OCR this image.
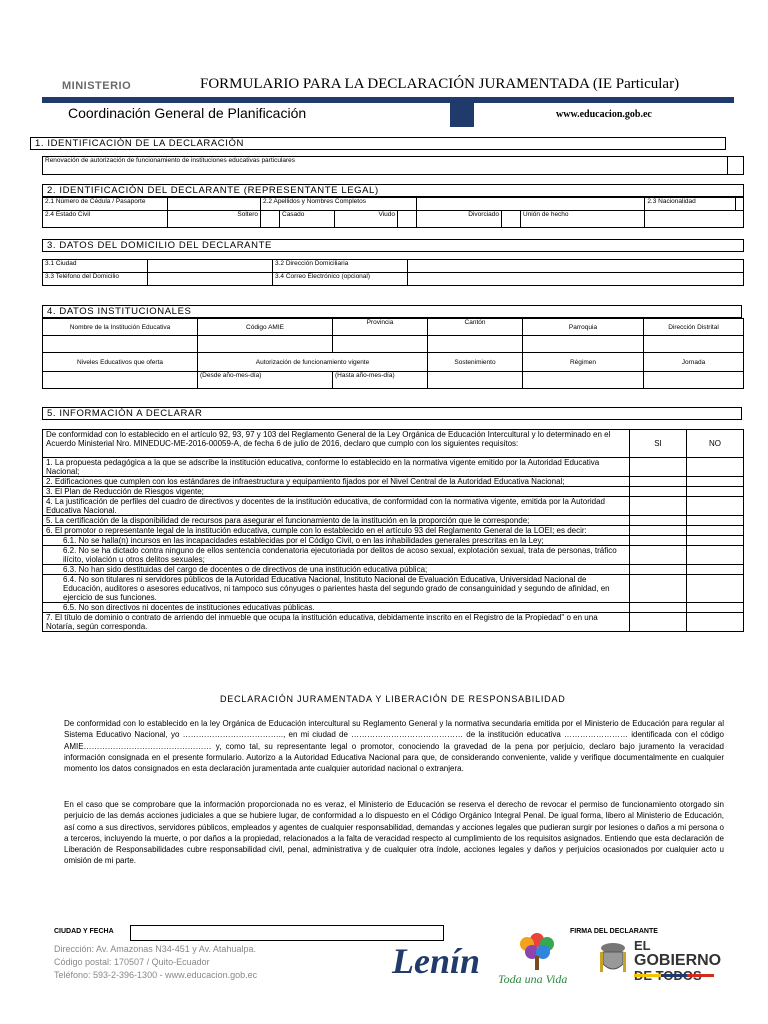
MINISTERIO	FORMULARIO PARA LA DECLARACIÓN JURAMENTADA (IE Particular)
Coordinación General de Planificación	www.educacion.gob.ec
1. IDENTIFICACIÓN DE LA DECLARACIÓN
Renovación de autorización de funcionamiento de instituciones educativas particulares	
2. IDENTIFICACIÓN DEL DECLARANTE (REPRESENTANTE LEGAL)
2.1 Número de Cédula / Pasaporte		2.2 Apellidos y Nombres Completos							2.3 Nacionalidad	
2.4 Estado Civil	Soltero		Casado	Viudo		Divorciado		Unión de hecho		
3. DATOS DEL DOMICILIO DEL DECLARANTE
3.1 Ciudad		3.2 Dirección Domiciliaria	
3.3 Teléfono del Domicilio		3.4 Correo Electrónico (opcional)	
4. DATOS INSTITUCIONALES
Nombre de la Institución Educativa	Código AMIE	Provincia	Cantón	Parroquia	Dirección Distrital

Niveles Educativos que oferta	Autorización de funcionamiento vigente		Sostenimiento	Régimen	Jornada
	(Desde año-mes-día)	(Hasta año-mes-día)			
5. INFORMACIÓN A DECLARAR
De conformidad con lo establecido en el artículo 92, 93, 97 y 103 del Reglamento General de la Ley Orgánica de Educación Intercultural y lo determinado en el Acuerdo Ministerial Nro. MINEDUC-ME-2016-00059-A, de fecha 6 de julio de 2016, declaro que cumplo con los siguientes requisitos:	SI	NO
1. La propuesta pedagógica a la que se adscribe la institución educativa, conforme lo establecido en la normativa vigente emitido por la Autoridad Educativa Nacional;		
2. Edificaciones que cumplen con los estándares de infraestructura y equipamiento fijados por el Nivel Central de la Autoridad Educativa Nacional;		
3. El Plan de Reducción de Riesgos vigente;		
4. La justificación de perfiles del cuadro de directivos y docentes de la institución educativa, de conformidad con la normativa vigente, emitida por la Autoridad Educativa Nacional.		
5. La certificación de la disponibilidad de recursos para asegurar el funcionamiento de la institución en la proporción que le corresponde;		
6. El promotor o representante legal de la institución educativa, cumple con lo establecido en el artículo 93 del Reglamento General de la LOEI; es decir:		
6.1. No se halla(n) incursos en las incapacidades establecidas por el Código Civil, o en las inhabilidades generales prescritas en la Ley;		
6.2. No se ha dictado contra ninguno de ellos sentencia condenatoria ejecutoriada por delitos de acoso sexual, explotación sexual, trata de personas, tráfico ilícito, violación u otros delitos sexuales;		
6.3. No han sido destituidas del cargo de docentes o de directivos de una institución educativa pública;		
6.4. No son titulares ni servidores públicos de la Autoridad Educativa Nacional, Instituto Nacional de Evaluación Educativa, Universidad Nacional de Educación, auditores o asesores educativos, ni tampoco sus cónyuges o parientes hasta del segundo grado de consanguinidad y segundo de afinidad, en ejercicio de sus funciones.		
6.5. No son directivos ni docentes de instituciones educativas públicas.		
7. El título de dominio o contrato de arriendo del inmueble que ocupa la institución educativa, debidamente inscrito en el Registro de la Propiedad" o en una Notaría, según corresponda.		
DECLARACIÓN JURAMENTADA Y LIBERACIÓN DE RESPONSABILIDAD
De conformidad con lo establecido en la ley Orgánica de Educación intercultural su Reglamento General y la normativa secundaria emitida por el Ministerio de Educación para regular al Sistema Educativo Nacional, yo ……………………………….., en mi ciudad de …………………………………… de la institución educativa …………………… identificada con el código AMIE………………………………………… y, como tal, su representante legal o promotor, conociendo la gravedad de la pena por perjuicio, declaro bajo juramento la veracidad información consignada en el presente formulario. Autorizo a la Autoridad Educativa Nacional para que, de considerando conveniente, valide y verifique documentalmente en cualquier momento los datos consignados en esta declaración juramentada ante cualquier autoridad nacional o extranjera.
En el caso que se comprobare que la información proporcionada no es veraz, el Ministerio de Educación se reserva el derecho de revocar el permiso de funcionamiento otorgado sin perjuicio de las demás acciones judiciales a que se hubiere lugar, de conformidad a lo dispuesto en el Código Orgánico Integral Penal. De igual forma, libero al Ministerio de Educación, así como a sus directivos, servidores públicos, empleados y agentes de cualquier responsabilidad, demandas y acciones legales que pudieran surgir por lesiones o daños a mi persona o a terceros, incluyendo la muerte, o por daños a la propiedad, relacionados a la falta de veracidad respecto al cumplimiento de los requisitos asignados. Entiendo que esta declaración de Liberación de Responsabilidades cubre responsabilidad civil, penal, administrativa y de cualquier otra índole, acciones legales y daños y perjuicios ocasionados por cualquier acto u omisión de mi parte.
CIUDAD Y FECHA	FIRMA DEL DECLARANTE
Dirección: Av. Amazonas N34-451 y Av. Atahualpa.
Código postal: 170507 / Quito-Ecuador
Teléfono: 593-2-396-1300 - www.educacion.gob.ec	Lenín Toda una Vida
EL
GOBIERNO
